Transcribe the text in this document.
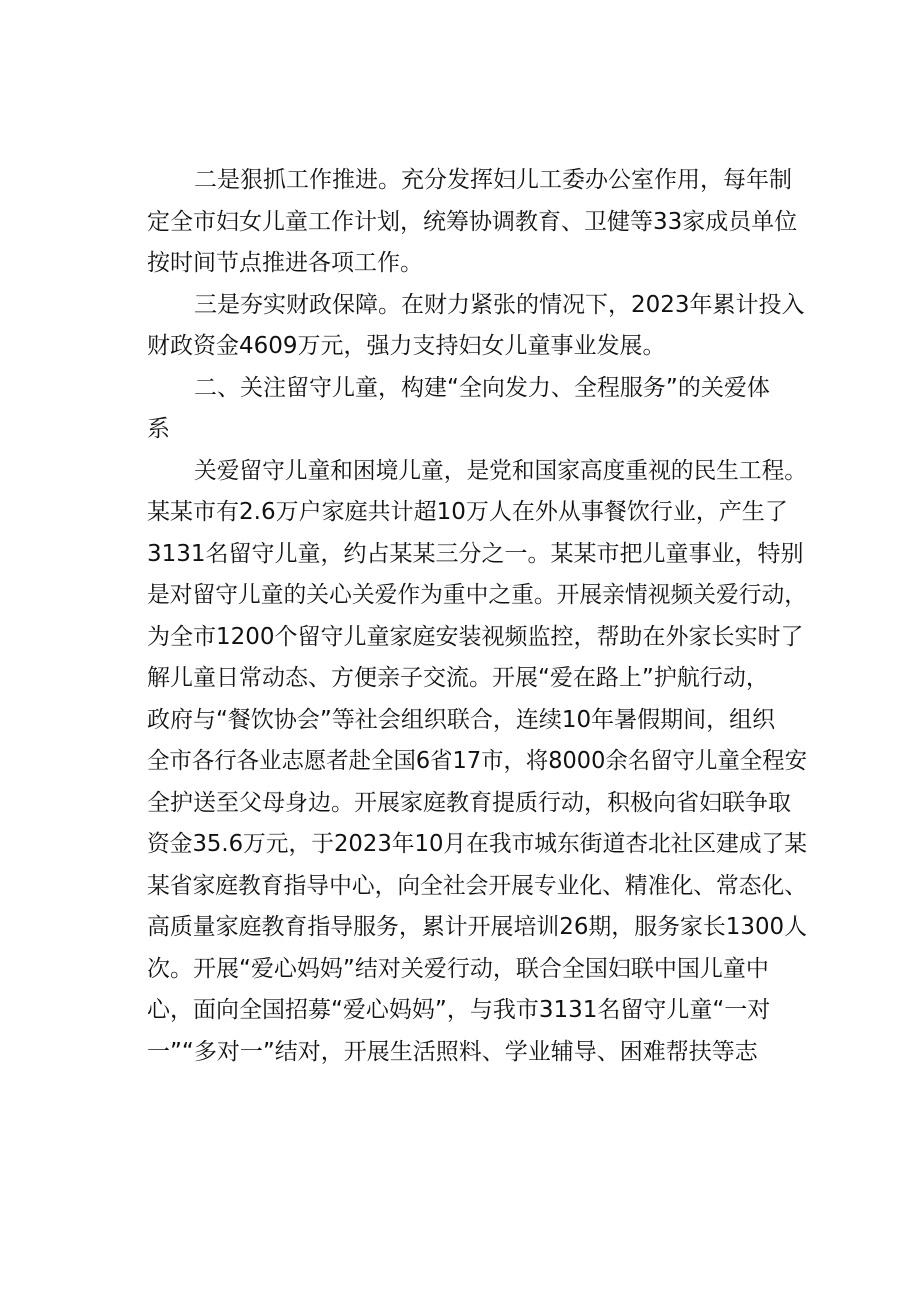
二是狠抓工作推进。充分发挥妇儿工委办公室作用，每年制
定全市妇女儿童工作计划，统筹协调教育、卫健等33家成员单位
按时间节点推进各项工作。
三是夯实财政保障。在财力紧张的情况下，2023年累计投入
财政资金4609万元，强力支持妇女儿童事业发展。
二、关注留守儿童，构建“全向发力、全程服务”的关爱体
系
关爱留守儿童和困境儿童，是党和国家高度重视的民生工程。
某某市有2.6万户家庭共计超10万人在外从事餐饮行业，产生了
3131名留守儿童，约占某某三分之一。某某市把儿童事业，特别
是对留守儿童的关心关爱作为重中之重。开展亲情视频关爱行动，
为全市1200个留守儿童家庭安装视频监控，帮助在外家长实时了
解儿童日常动态、方便亲子交流。开展“爱在路上”护航行动，
政府与“餐饮协会”等社会组织联合，连续10年暑假期间，组织
全市各行各业志愿者赴全国6省17市，将8000余名留守儿童全程安
全护送至父母身边。开展家庭教育提质行动，积极向省妇联争取
资金35.6万元，于2023年10月在我市城东街道杏北社区建成了某
某省家庭教育指导中心，向全社会开展专业化、精准化、常态化、
高质量家庭教育指导服务，累计开展培训26期，服务家长1300人
次。开展“爱心妈妈”结对关爱行动，联合全国妇联中国儿童中
心，面向全国招募“爱心妈妈”，与我市3131名留守儿童“一对
一”“多对一”结对，开展生活照料、学业辅导、困难帮扶等志
